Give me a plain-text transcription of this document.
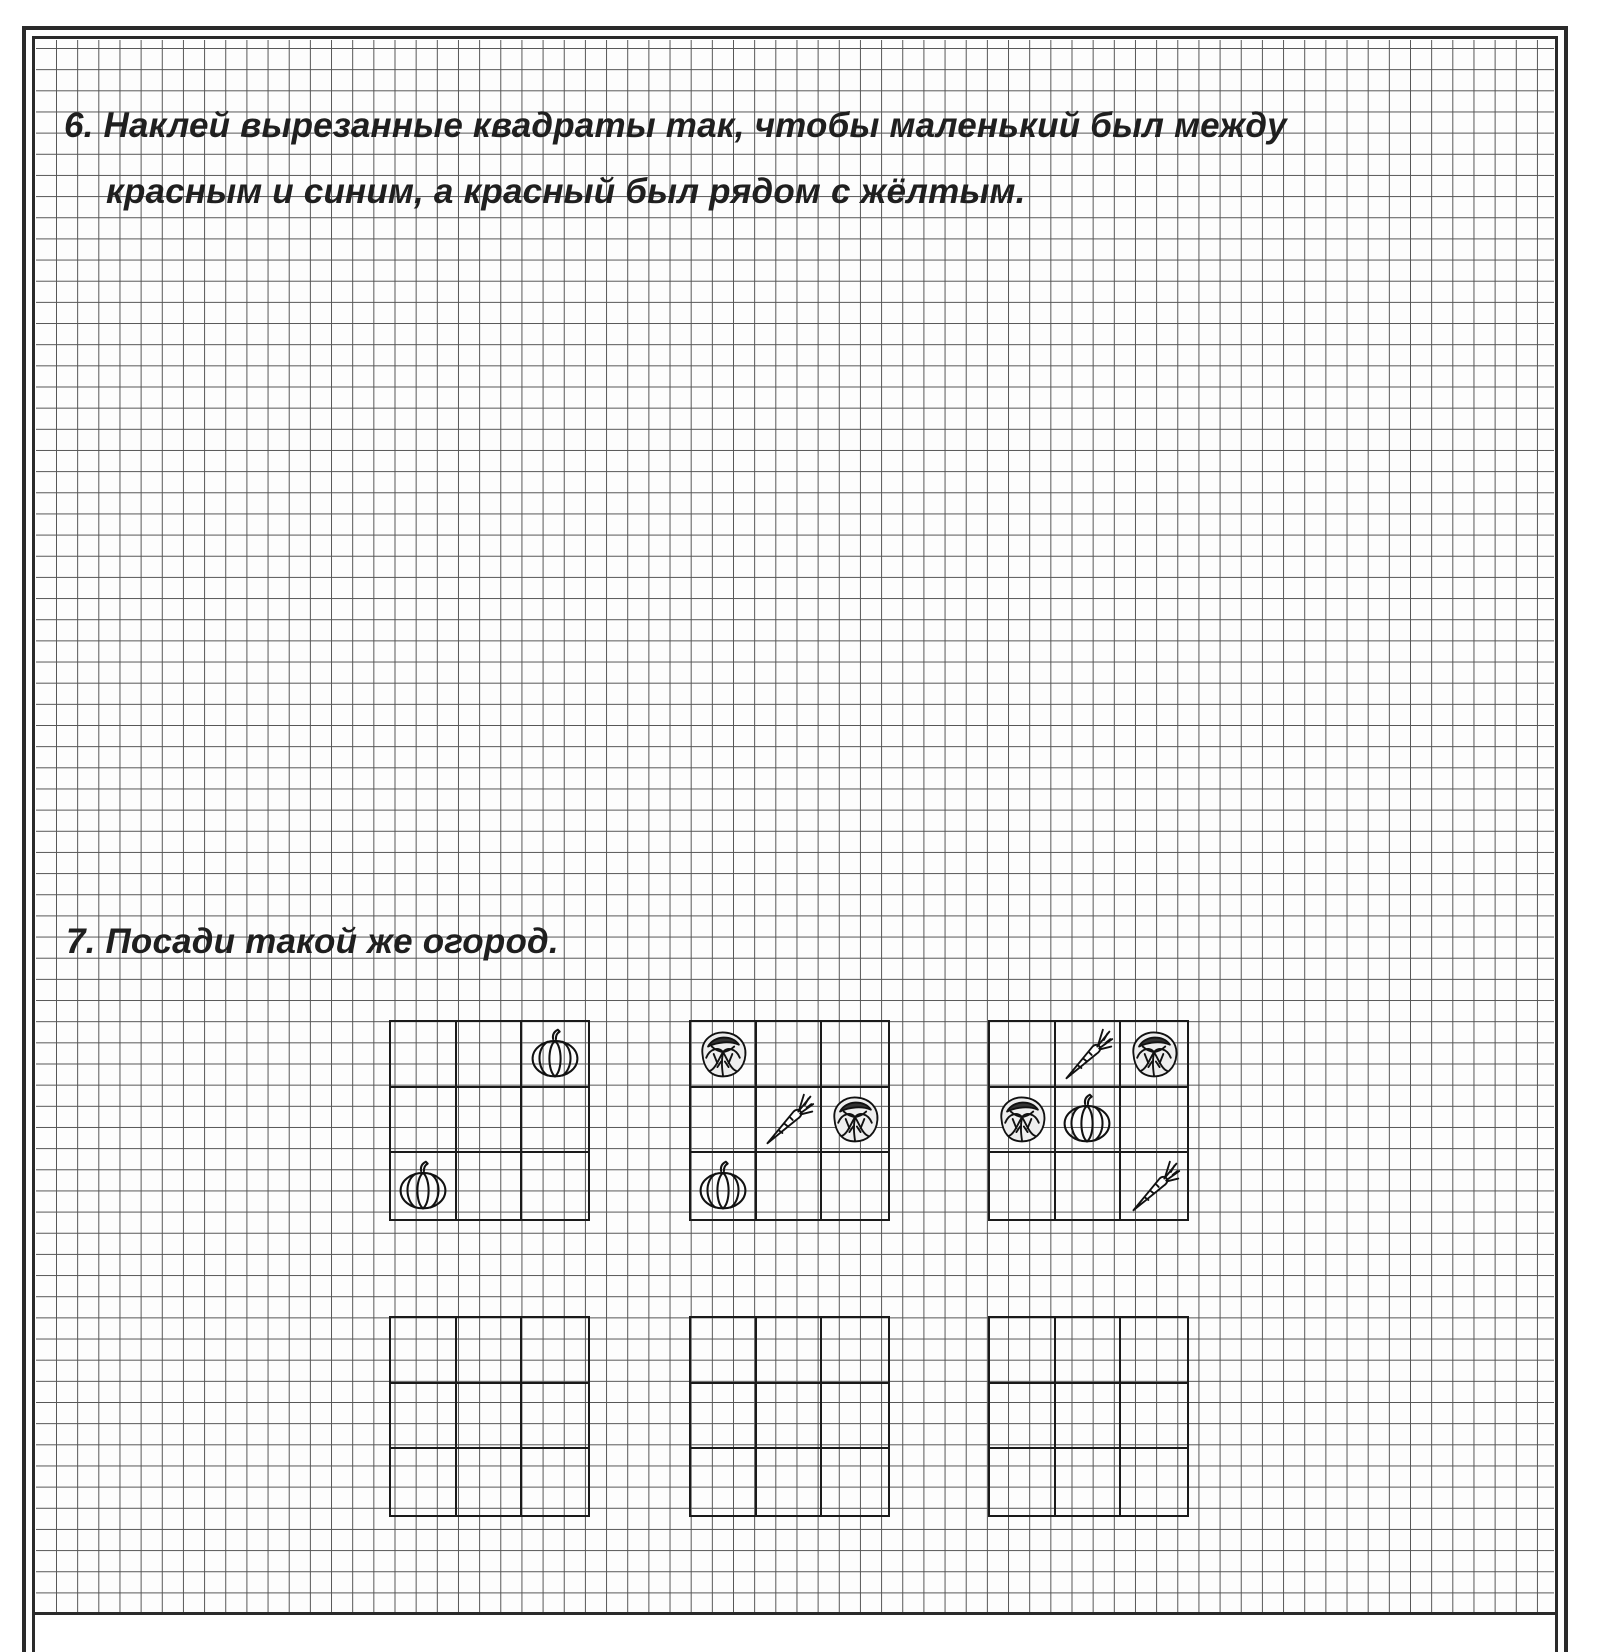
6. Наклей вырезанные квадраты так, чтобы маленький был между
красным и синим, а красный был рядом с жёлтым.
7. Посади такой же огород.
